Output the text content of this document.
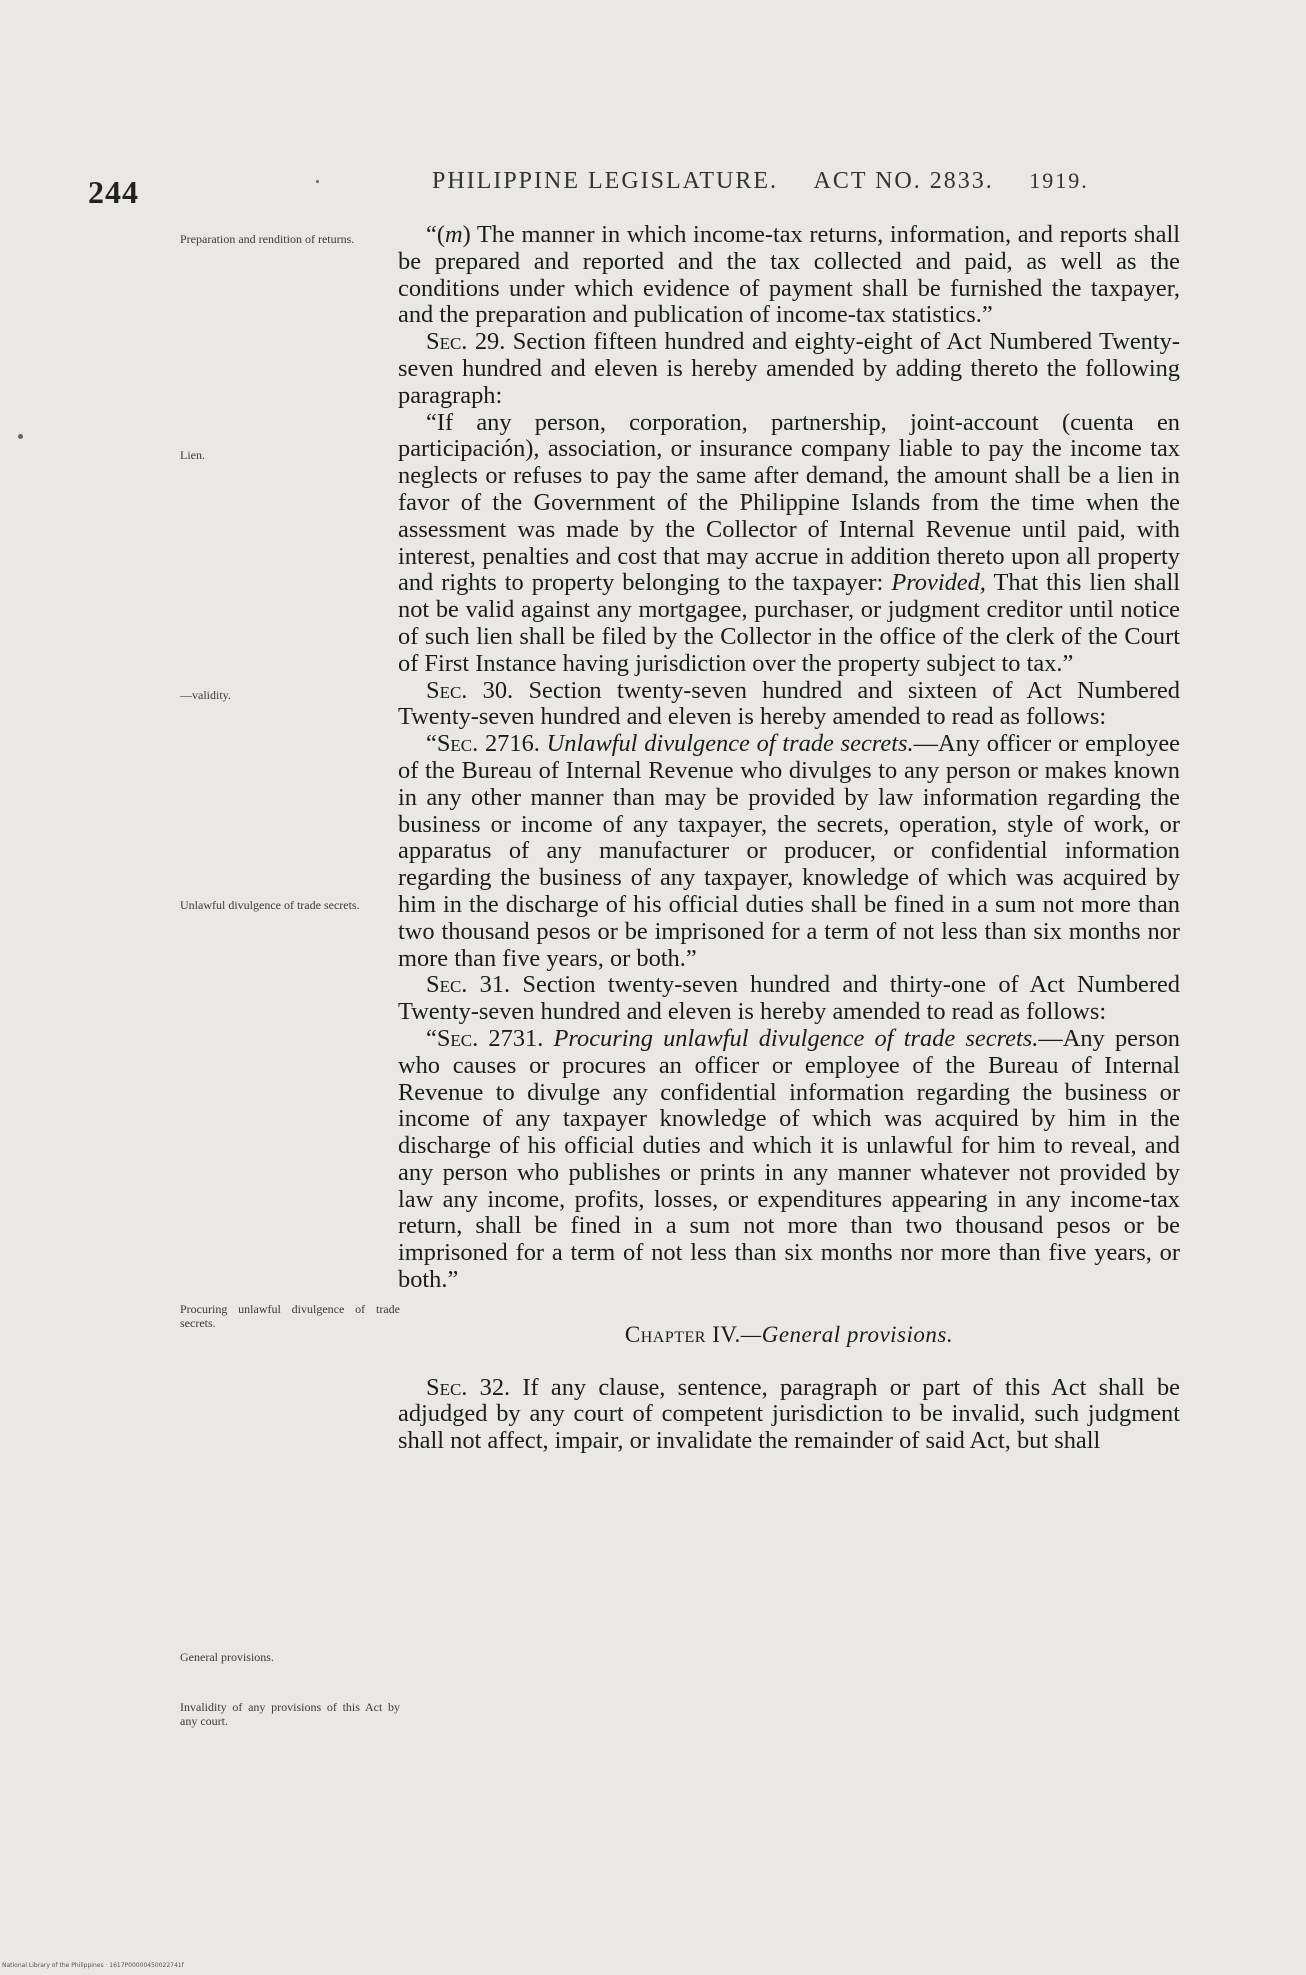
244	PHILIPPINE LEGISLATURE. ACT NO. 2833. 1919.
Preparation and rendition of returns.
Lien.
—validity.
Unlawful divulgence of trade secrets.
Procuring unlawful divulgence of trade secrets.
General provisions.
Invalidity of any provisions of this Act by any court.

“(m) The manner in which income-tax returns, information, and reports shall be prepared and reported and the tax collected and paid, as well as the conditions under which evidence of payment shall be furnished the taxpayer, and the preparation and publication of income-tax statistics.”

Sec. 29. Section fifteen hundred and eighty-eight of Act Numbered Twenty-seven hundred and eleven is hereby amended by adding thereto the following paragraph:

“If any person, corporation, partnership, joint-account (cuenta en participación), association, or insurance company liable to pay the income tax neglects or refuses to pay the same after demand, the amount shall be a lien in favor of the Government of the Philippine Islands from the time when the assessment was made by the Collector of Internal Revenue until paid, with interest, penalties and cost that may accrue in addition thereto upon all property and rights to property belonging to the taxpayer: Provided, That this lien shall not be valid against any mortgagee, purchaser, or judgment creditor until notice of such lien shall be filed by the Collector in the office of the clerk of the Court of First Instance having jurisdiction over the property subject to tax.”

Sec. 30. Section twenty-seven hundred and sixteen of Act Numbered Twenty-seven hundred and eleven is hereby amended to read as follows:

“Sec. 2716. Unlawful divulgence of trade secrets.—Any officer or employee of the Bureau of Internal Revenue who divulges to any person or makes known in any other manner than may be provided by law information regarding the business or income of any taxpayer, the secrets, operation, style of work, or apparatus of any manufacturer or producer, or confidential information regarding the business of any taxpayer, knowledge of which was acquired by him in the discharge of his official duties shall be fined in a sum not more than two thousand pesos or be imprisoned for a term of not less than six months nor more than five years, or both.”

Sec. 31. Section twenty-seven hundred and thirty-one of Act Numbered Twenty-seven hundred and eleven is hereby amended to read as follows:

“Sec. 2731. Procuring unlawful divulgence of trade secrets.—Any person who causes or procures an officer or employee of the Bureau of Internal Revenue to divulge any confidential information regarding the business or income of any taxpayer knowledge of which was acquired by him in the discharge of his official duties and which it is unlawful for him to reveal, and any person who publishes or prints in any manner whatever not provided by law any income, profits, losses, or expenditures appearing in any income-tax return, shall be fined in a sum not more than two thousand pesos or be imprisoned for a term of not less than six months nor more than five years, or both.”

Chapter IV.—General provisions.

Sec. 32. If any clause, sentence, paragraph or part of this Act shall be adjudged by any court of competent jurisdiction to be invalid, such judgment shall not affect, impair, or invalidate the remainder of said Act, but shall

National Library of the Philippines · 1617P00000450022741f
